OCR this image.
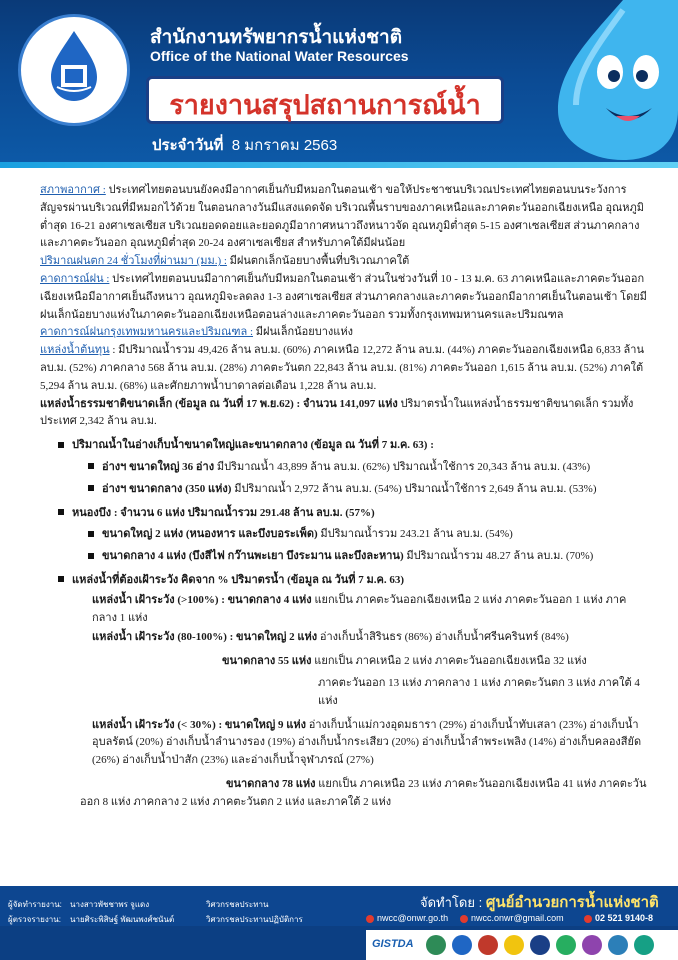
สำนักงานทรัพยากรน้ำแห่งชาติ
Office of the National Water Resources
รายงานสรุปสถานการณ์น้ำ
ประจำวันที่ 8 มกราคม 2563

สภาพอากาศ : ประเทศไทยตอนบนยังคงมีอากาศเย็นกับมีหมอกในตอนเช้า ขอให้ประชาชนบริเวณประเทศไทยตอนบนระวังการสัญจรผ่านบริเวณที่มีหมอกไว้ด้วย ในตอนกลางวันมีแสงแดดจัด บริเวณพื้นราบของภาคเหนือและภาคตะวันออกเฉียงเหนือ อุณหภูมิต่ำสุด 16-21 องศาเซลเซียส บริเวณยอดดอยและยอดภูมีอากาศหนาวถึงหนาวจัด อุณหภูมิต่ำสุด 5-15 องศาเซลเซียส ส่วนภาคกลางและภาคตะวันออก อุณหภูมิต่ำสุด 20-24 องศาเซลเซียส สำหรับภาคใต้มีฝนน้อย

ปริมาณฝนตก 24 ชั่วโมงที่ผ่านมา (มม.) : มีฝนตกเล็กน้อยบางพื้นที่บริเวณภาคใต้

คาดการณ์ฝน : ประเทศไทยตอนบนมีอากาศเย็นกับมีหมอกในตอนเช้า ส่วนในช่วงวันที่ 10 - 13 ม.ค. 63 ภาคเหนือและภาคตะวันออกเฉียงเหนือมีอากาศเย็นถึงหนาว อุณหภูมิจะลดลง 1-3 องศาเซลเซียส ส่วนภาคกลางและภาคตะวันออกมีอากาศเย็นในตอนเช้า โดยมีฝนเล็กน้อยบางแห่งในภาคตะวันออกเฉียงเหนือตอนล่างและภาคตะวันออก รวมทั้งกรุงเทพมหานครและปริมณฑล

คาดการณ์ฝนกรุงเทพมหานครและปริมณฑล : มีฝนเล็กน้อยบางแห่ง

แหล่งน้ำต้นทุน : มีปริมาณน้ำรวม 49,426 ล้าน ลบ.ม. (60%) ภาคเหนือ 12,272 ล้าน ลบ.ม. (44%) ภาคตะวันออกเฉียงเหนือ 6,833 ล้าน ลบ.ม. (52%) ภาคกลาง 568 ล้าน ลบ.ม. (28%) ภาคตะวันตก 22,843 ล้าน ลบ.ม. (81%) ภาคตะวันออก 1,615 ล้าน ลบ.ม. (52%) ภาคใต้ 5,294 ล้าน ลบ.ม. (68%) และศักยภาพน้ำบาดาลต่อเดือน 1,228 ล้าน ลบ.ม.

แหล่งน้ำธรรมชาติขนาดเล็ก (ข้อมูล ณ วันที่ 17 พ.ย.62) : จำนวน 141,097 แห่ง ปริมาตรน้ำในแหล่งน้ำธรรมชาติขนาดเล็ก รวมทั้งประเทศ 2,342 ล้าน ลบ.ม.

ปริมาณน้ำในอ่างเก็บน้ำขนาดใหญ่และขนาดกลาง (ข้อมูล ณ วันที่ 7 ม.ค. 63) :

อ่างฯ ขนาดใหญ่ 36 อ่าง มีปริมาณน้ำ 43,899 ล้าน ลบ.ม. (62%) ปริมาณน้ำใช้การ 20,343 ล้าน ลบ.ม. (43%)

อ่างฯ ขนาดกลาง (350 แห่ง) มีปริมาณน้ำ 2,972 ล้าน ลบ.ม. (54%) ปริมาณน้ำใช้การ 2,649 ล้าน ลบ.ม. (53%)

หนองบึง : จำนวน 6 แห่ง ปริมาณน้ำรวม 291.48 ล้าน ลบ.ม. (57%)

ขนาดใหญ่ 2 แห่ง (หนองหาร และบึงบอระเพ็ด) มีปริมาณน้ำรวม 243.21 ล้าน ลบ.ม. (54%)

ขนาดกลาง 4 แห่ง (บึงสีไฟ กว๊านพะเยา บึงระมาน และบึงละหาน) มีปริมาณน้ำรวม 48.27 ล้าน ลบ.ม. (70%)

แหล่งน้ำที่ต้องเฝ้าระวัง คิดจาก % ปริมาตรน้ำ (ข้อมูล ณ วันที่ 7 ม.ค. 63)

แหล่งน้ำ เฝ้าระวัง (>100%) : ขนาดกลาง 4 แห่ง แยกเป็น ภาคตะวันออกเฉียงเหนือ 2 แห่ง ภาคตะวันออก 1 แห่ง ภาคกลาง 1 แห่ง

แหล่งน้ำ เฝ้าระวัง (80-100%) : ขนาดใหญ่ 2 แห่ง อ่างเก็บน้ำสิรินธร (86%) อ่างเก็บน้ำศรีนครินทร์ (84%)

ขนาดกลาง 55 แห่ง แยกเป็น ภาคเหนือ 2 แห่ง ภาคตะวันออกเฉียงเหนือ 32 แห่ง

ภาคตะวันออก 13 แห่ง ภาคกลาง 1 แห่ง ภาคตะวันตก 3 แห่ง ภาคใต้ 4 แห่ง

แหล่งน้ำ เฝ้าระวัง (< 30%) : ขนาดใหญ่ 9 แห่ง อ่างเก็บน้ำแม่กวงอุดมธารา (29%) อ่างเก็บน้ำทับเสลา (23%) อ่างเก็บน้ำอุบลรัตน์ (20%) อ่างเก็บน้ำลำนางรอง (19%) อ่างเก็บน้ำกระเสียว (20%) อ่างเก็บน้ำลำพระเพลิง (14%) อ่างเก็บคลองสียัด (26%) อ่างเก็บน้ำป่าสัก (23%) และอ่างเก็บน้ำจุฬาภรณ์ (27%)

ขนาดกลาง 78 แห่ง แยกเป็น ภาคเหนือ 23 แห่ง ภาคตะวันออกเฉียงเหนือ 41 แห่ง ภาคตะวันออก 8 แห่ง ภาคกลาง 2 แห่ง ภาคตะวันตก 2 แห่ง และภาคใต้ 2 แห่ง

ผู้จัดทำรายงาน: นางสาวพัชชาพร จูแดง	วิศวกรชลประทาน
ผู้ตรวจรายงาน: นายศิระพิสิษฐ์ พัฒนพงศ์ชนันต์	วิศวกรชลประทานปฏิบัติการ
จัดทำโดย : ศูนย์อำนวยการน้ำแห่งชาติ
nwcc@onwr.go.th	nwcc.onwr@gmail.com	02 521 9140-8
GISTDA
